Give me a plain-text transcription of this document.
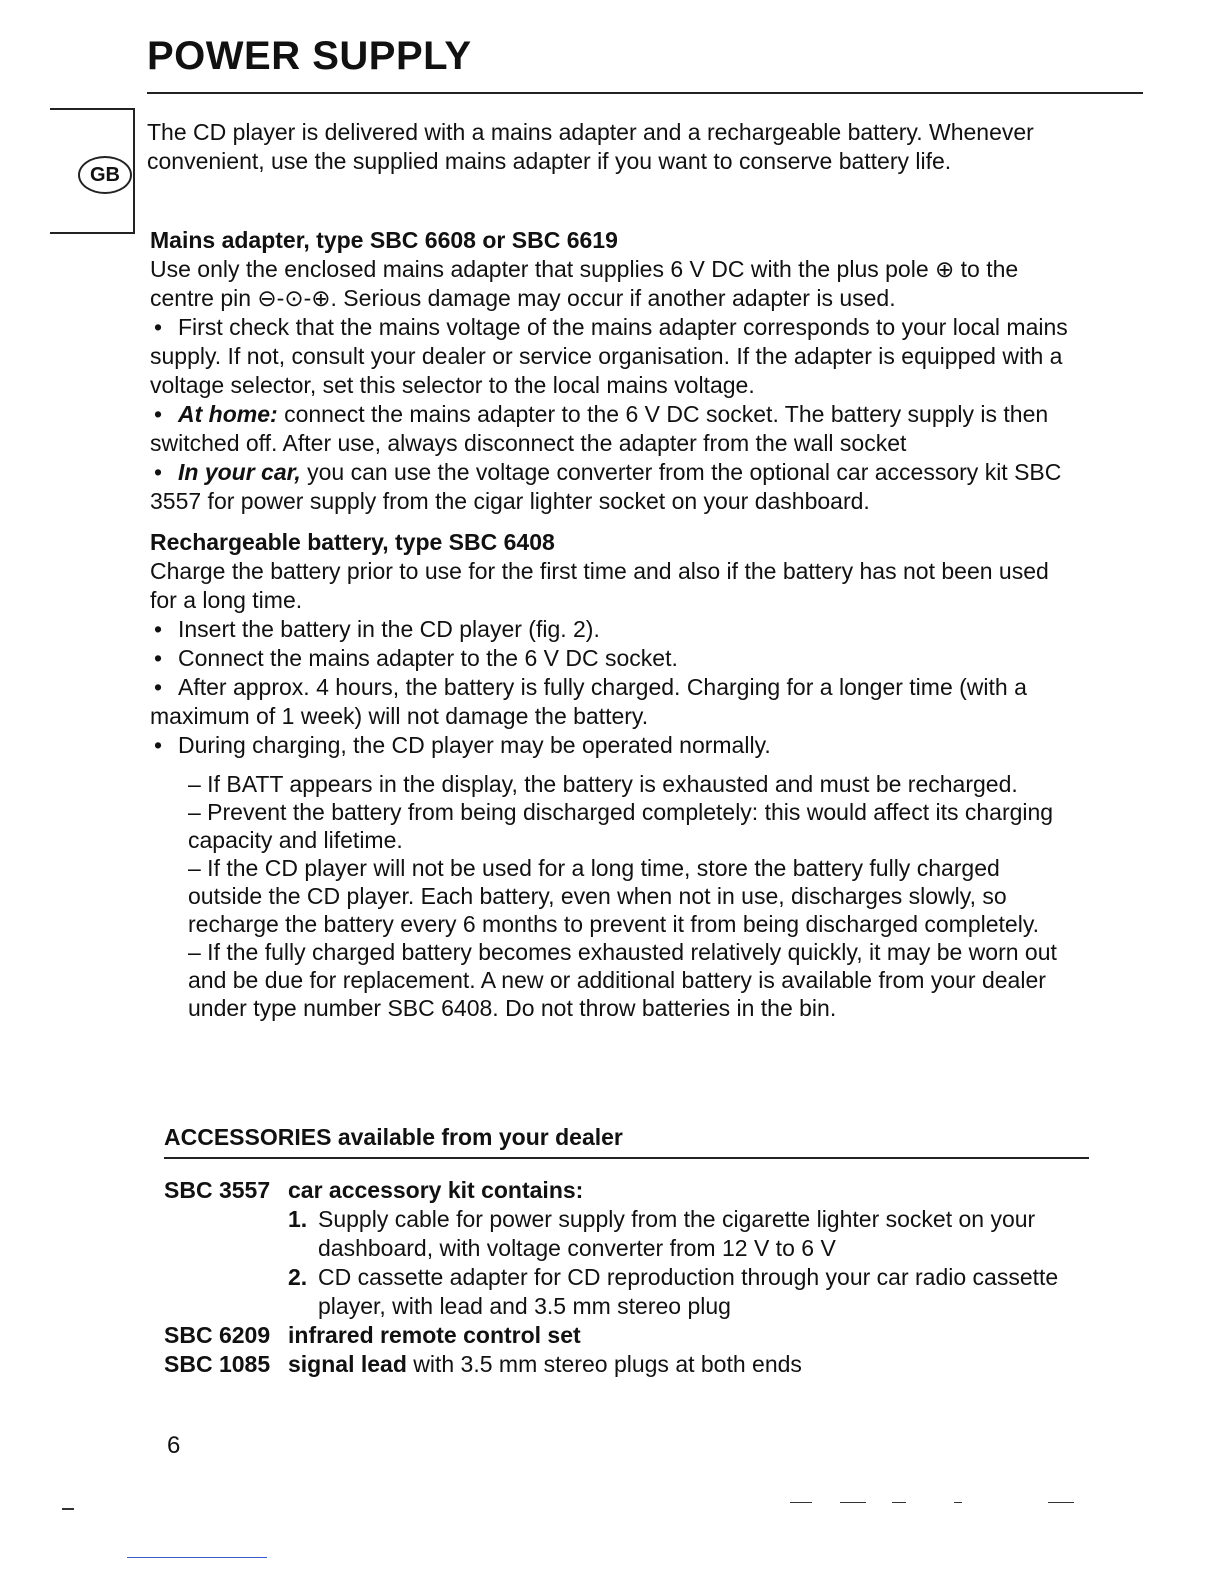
POWER SUPPLY
GB
The CD player is delivered with a mains adapter and a rechargeable battery. Whenever convenient, use the supplied mains adapter if you want to conserve battery life.
Mains adapter, type SBC 6608 or SBC 6619
Use only the enclosed mains adapter that supplies 6 V DC with the plus pole ⊕ to the centre pin ⊖-⊙-⊕. Serious damage may occur if another adapter is used.
• First check that the mains voltage of the mains adapter corresponds to your local mains supply. If not, consult your dealer or service organisation. If the adapter is equipped with a voltage selector, set this selector to the local mains voltage.
• At home: connect the mains adapter to the 6 V DC socket. The battery supply is then switched off. After use, always disconnect the adapter from the wall socket
• In your car, you can use the voltage converter from the optional car accessory kit SBC 3557 for power supply from the cigar lighter socket on your dashboard.
Rechargeable battery, type SBC 6408
Charge the battery prior to use for the first time and also if the battery has not been used for a long time.
• Insert the battery in the CD player (fig. 2).
• Connect the mains adapter to the 6 V DC socket.
• After approx. 4 hours, the battery is fully charged. Charging for a longer time (with a maximum of 1 week) will not damage the battery.
• During charging, the CD player may be operated normally.

– If BATT appears in the display, the battery is exhausted and must be recharged.

– Prevent the battery from being discharged completely: this would affect its charging capacity and lifetime.

– If the CD player will not be used for a long time, store the battery fully charged outside the CD player. Each battery, even when not in use, discharges slowly, so recharge the battery every 6 months to prevent it from being discharged completely.

– If the fully charged battery becomes exhausted relatively quickly, it may be worn out and be due for replacement. A new or additional battery is available from your dealer under type number SBC 6408. Do not throw batteries in the bin.

ACCESSORIES available from your dealer
SBC 3557 car accessory kit contains:
1. Supply cable for power supply from the cigarette lighter socket on your dashboard, with voltage converter from 12 V to 6 V
2. CD cassette adapter for CD reproduction through your car radio cassette player, with lead and 3.5 mm stereo plug
SBC 6209 infrared remote control set
SBC 1085 signal lead with 3.5 mm stereo plugs at both ends
6
